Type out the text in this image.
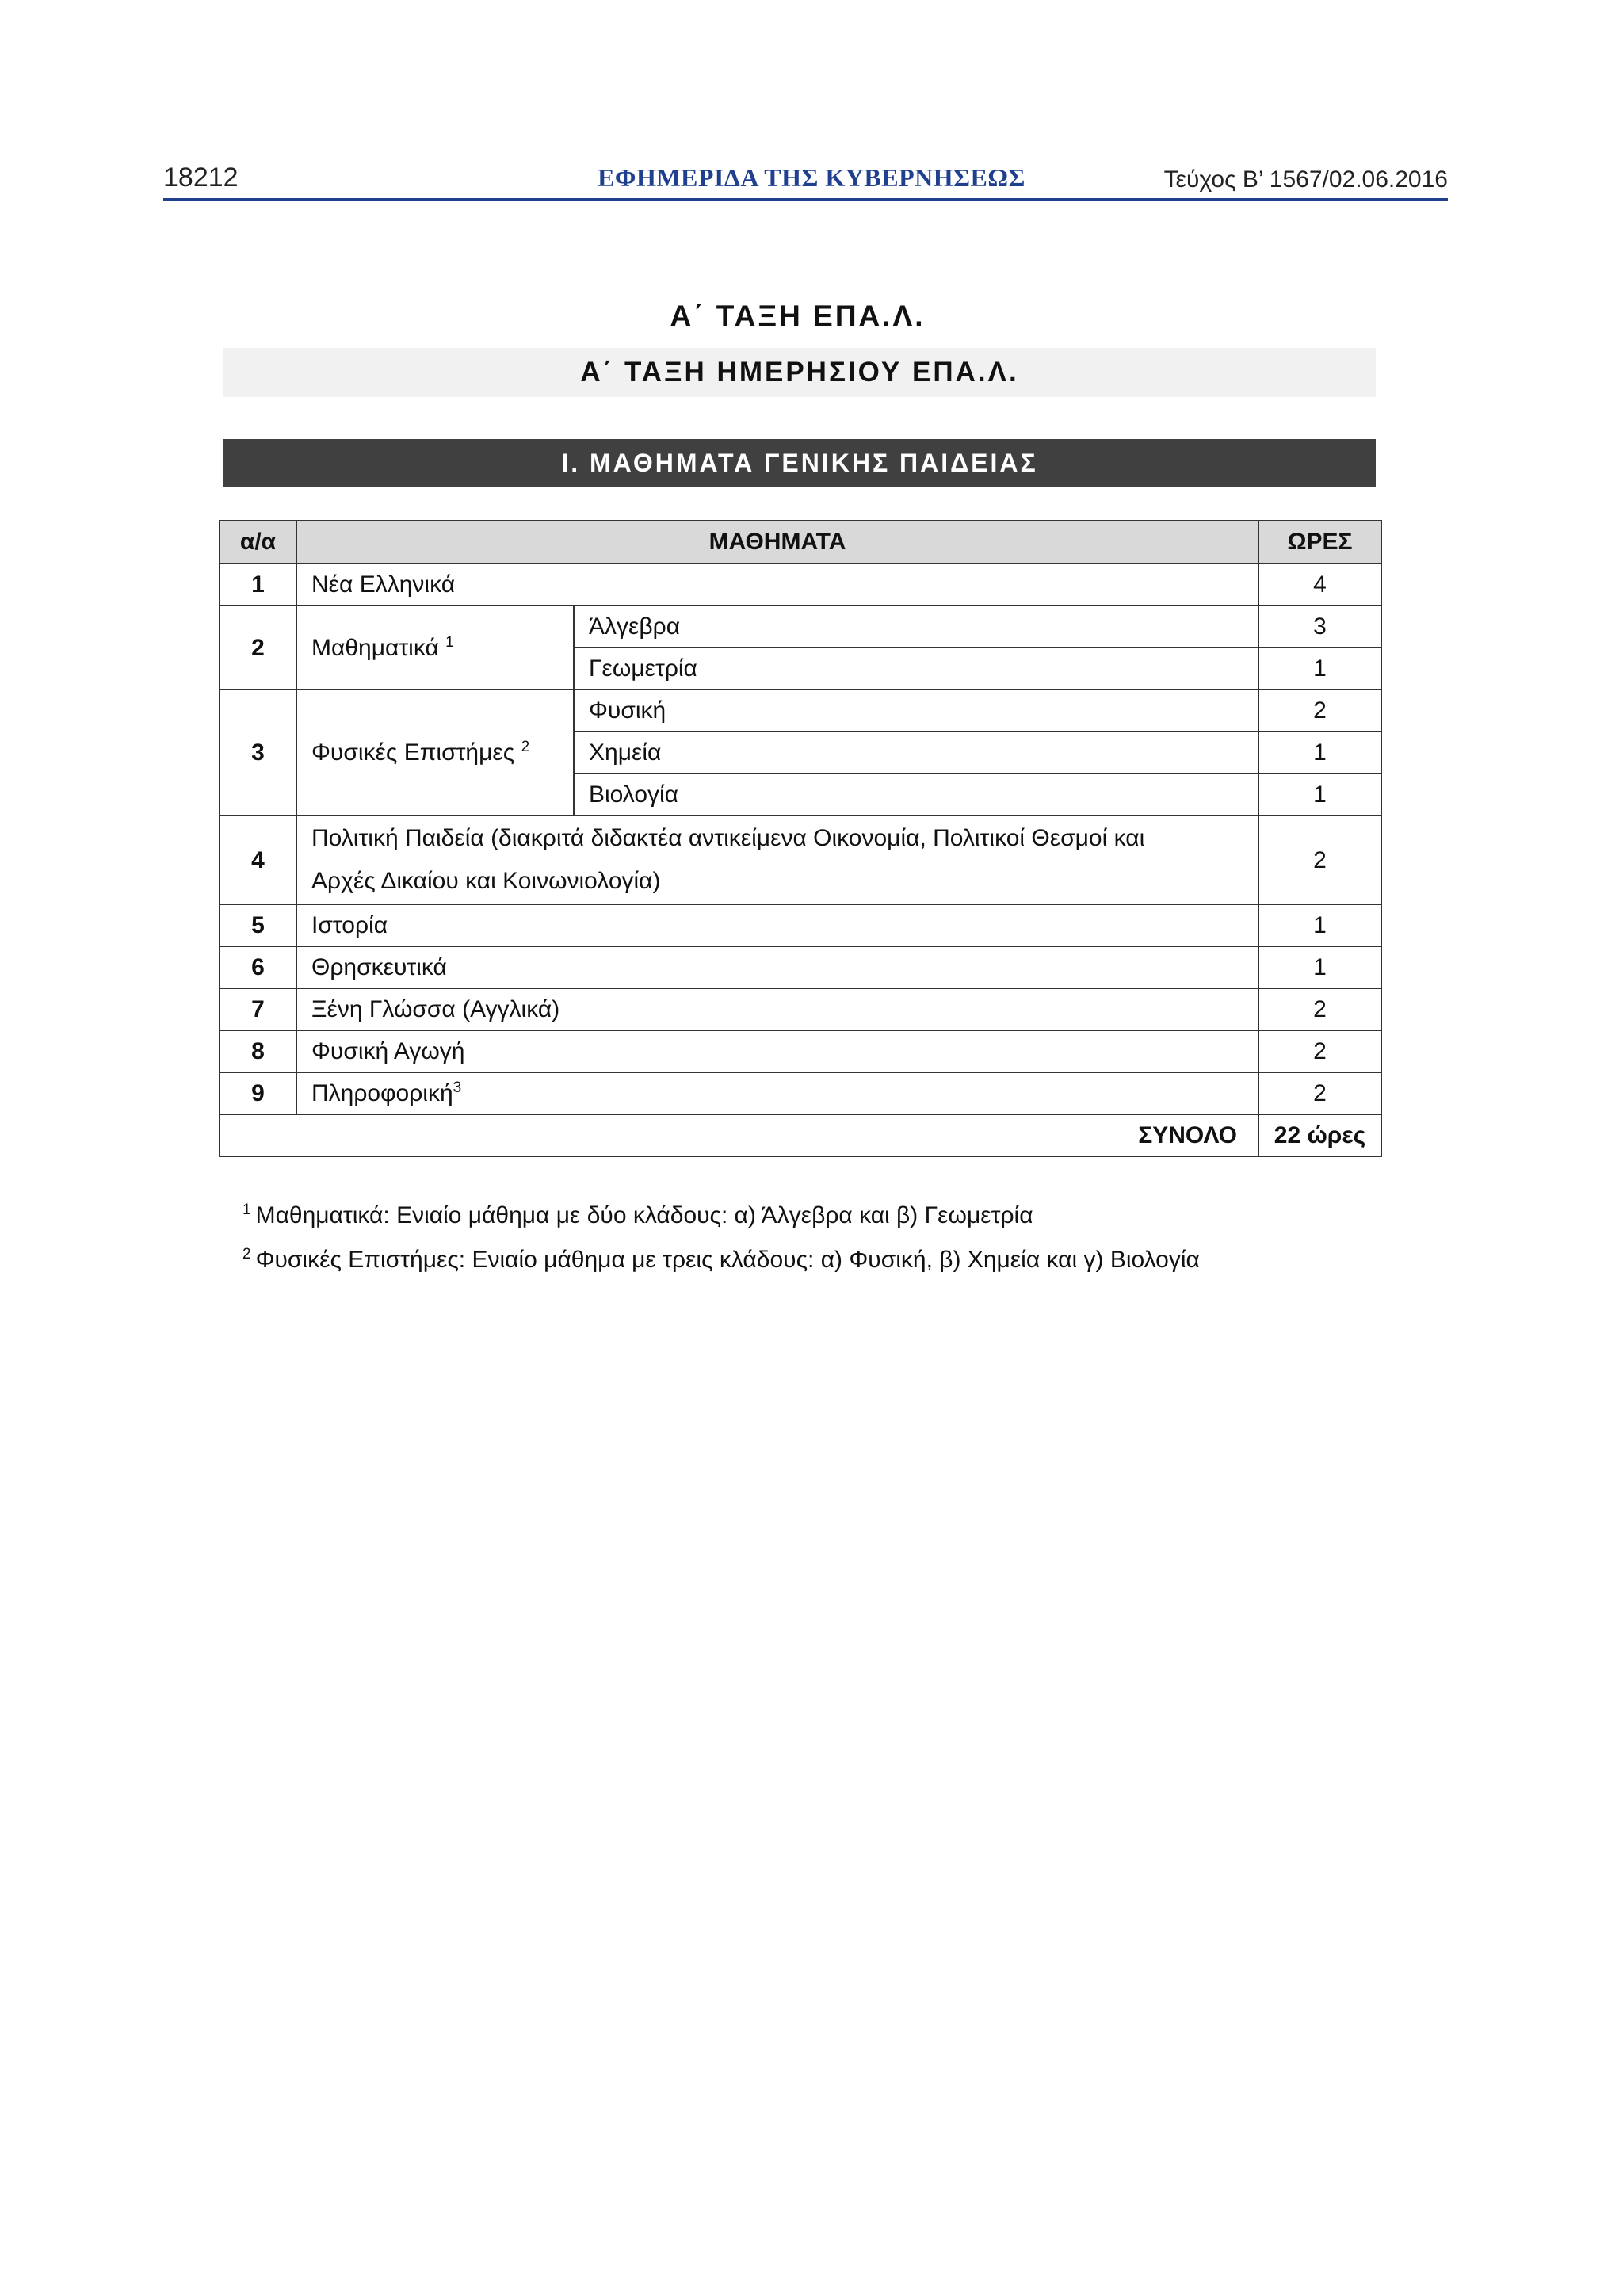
18212	ΕΦΗΜΕΡΙΔΑ ΤΗΣ ΚΥΒΕΡΝΗΣΕΩΣ	Τεύχος Β’ 1567/02.06.2016
Α΄ ΤΑΞΗ ΕΠΑ.Λ.
Α΄ ΤΑΞΗ ΗΜΕΡΗΣΙΟΥ ΕΠΑ.Λ.
Ι. ΜΑΘΗΜΑΤΑ ΓΕΝΙΚΗΣ ΠΑΙΔΕΙΑΣ
α/α	ΜΑΘΗΜΑΤΑ		ΩΡΕΣ
1	Νέα Ελληνικά		4
2	Μαθηματικά $^1$	Άλγεβρα	3
		Γεωμετρία	1
3	Φυσικές Επιστήμες $^2$	Φυσική	2
		Χημεία	1
		Βιολογία	1
4	Πολιτική Παιδεία (διακριτά διδακτέα αντικείμενα Οικονομία, Πολιτικοί Θεσμοί και
Αρχές Δικαίου και Κοινωνιολογία)		2
5	Ιστορία		1
6	Θρησκευτικά		1
7	Ξένη Γλώσσα (Αγγλικά)		2
8	Φυσική Αγωγή		2
9	Πληροφορική$^3$		2
ΣΥΝΟΛΟ			22 ώρες
$^1$ Μαθηματικά: Ενιαίο μάθημα με δύο κλάδους: α) Άλγεβρα και β) Γεωμετρία
$^2$ Φυσικές Επιστήμες: Ενιαίο μάθημα με τρεις κλάδους: α) Φυσική, β) Χημεία και γ) Βιολογία
